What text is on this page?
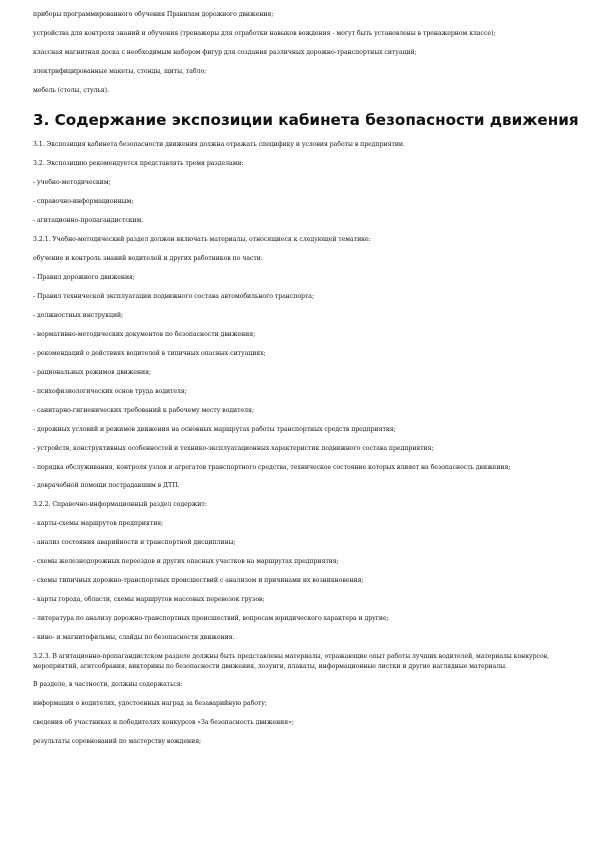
приборы программированного обучения Правилам дорожного движения;

устройства для контроля знаний и обучения (тренажеры для отработки навыков вождения - могут быть установлены в тренажерном классе);

классная магнитная доска с необходимым набором фигур для создания различных дорожно-транспортных ситуаций;

электрифицированные макеты, стенды, щиты, табло;

мебель (столы, стулья).

3. Содержание экспозиции кабинета безопасности движения

3.1. Экспозиция кабинета безопасности движения должна отражать специфику и условия работы в предприятии.

3.2. Экспозицию рекомендуется представлять тремя разделами:

- учебно-методическим;

- справочно-информационным;

- агитационно-пропагандистским.

3.2.1. Учебно-методический раздел должен включать материалы, относящиеся к следующей тематике:

обучение и контроль знаний водителей и других работников по части:

- Правил дорожного движения;

- Правил технической эксплуатации подвижного состава автомобильного транспорта;

- должностных инструкций;

- нормативно-методических документов по безопасности движения;

- рекомендаций о действиях водителей в типичных опасных ситуациях;

- рациональных режимов движения;

- психофизиологических основ труда водителя;

- санитарно-гигиенических требований к рабочему месту водителя;

- дорожных условий и режимов движения на основных маршрутах работы транспортных средств предприятия;

- устройств, конструктивных особенностей и технико-эксплуатационных характеристик подвижного состава предприятия;

- порядка обслуживания, контроля узлов и агрегатов транспортного средства, техническое состояние которых влияет на безопасность движения;

- доврачебной помощи пострадавшим в ДТП.

3.2.2. Справочно-информационный раздел содержит:

- карты-схемы маршрутов предприятия;

- анализ состояния аварийности и транспортной дисциплины;

- схемы железнодорожных переездов и других опасных участков на маршрутах предприятия;

- схемы типичных дорожно-транспортных происшествий с анализом и причинами их возникновения;

- карты города, области, схемы маршрутов массовых перевозок грузов;

- литература по анализу дорожно-транспортных происшествий, вопросам юридического характера и другие;

- кино- и магнитофильмы, слайды по безопасности движения.

3.2.3. В агитационно-пропагандистском разделе должны быть представлены материалы, отражающие опыт работы лучших водителей, материалы конкурсов, мероприятий, агитсобрания, викторины по безопасности движения, лозунги, плакаты, информационные листки и другие наглядные материалы.

В разделе, в частности, должны содержаться:

информация о водителях, удостоенных наград за безаварийную работу;

сведения об участниках и победителях конкурсов «За безопасность движения»;

результаты соревнований по мастерству вождения;
